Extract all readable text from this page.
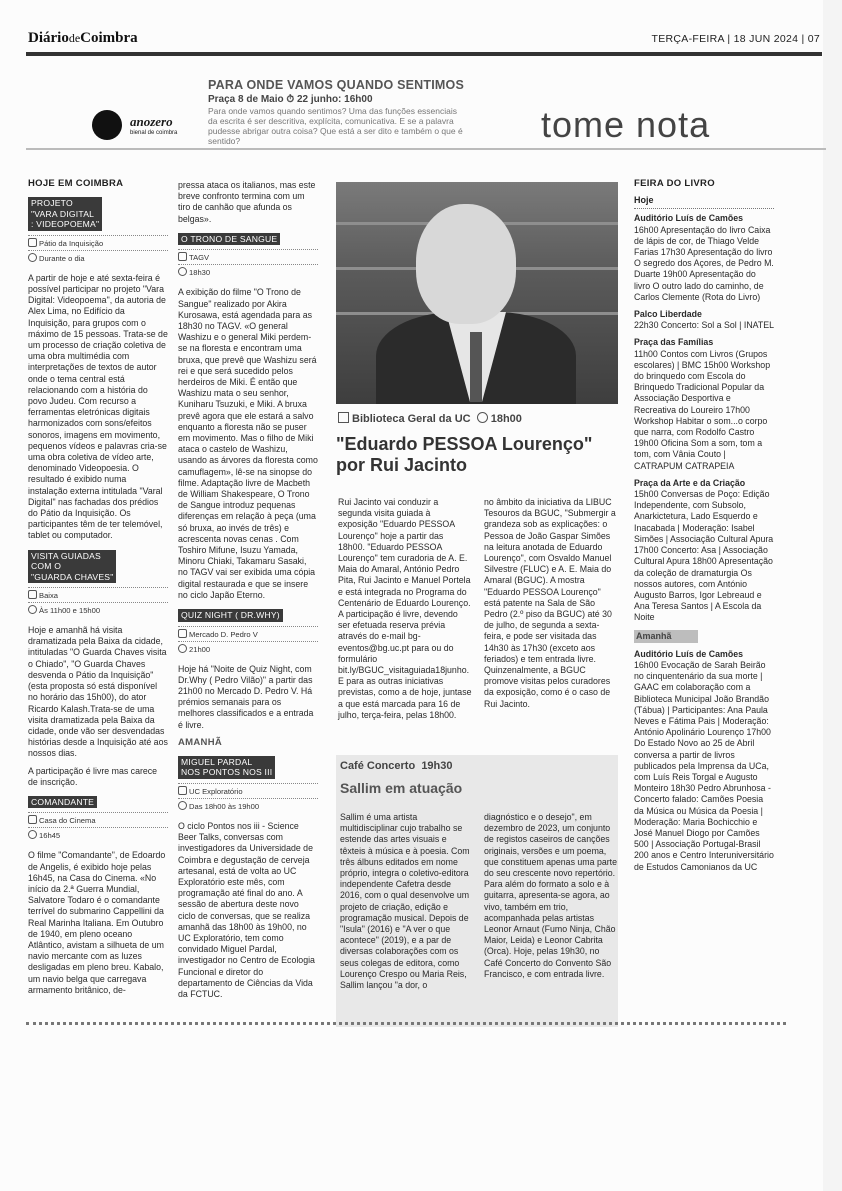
DiáriodeCoimbra	TERÇA-FEIRA | 18 JUN 2024 | 07
anozero
bienal de coimbra
PARA ONDE VAMOS QUANDO SENTIMOS
Praça 8 de Maio ⏱ 22 junho: 16h00
Para onde vamos quando sentimos? Uma das funções essenciais da escrita é ser descritiva, explícita, comunicativa. E se a palavra pudesse abrigar outra coisa? Que está a ser dito e também o que é sentido?	tome nota
HOJE EM COIMBRA
PROJETO
"VARA DIGITAL
: VIDEOPOEMA"
Pátio da Inquisição
Durante o dia

A partir de hoje e até sexta-feira é possível participar no projeto "Vara Digital: Videopoema", da autoria de Alex Lima, no Edifício da Inquisição, para grupos com o máximo de 15 pessoas. Trata-se de um processo de criação coletiva de uma obra multimédia com interpretações de textos de autor onde o tema central está relacionando com a história do povo Judeu. Com recurso a ferramentas eletrónicas digitais harmonizados com sons/efeitos sonoros, imagens em movimento, pequenos vídeos e palavras cria-se uma obra coletiva de vídeo arte, denominado Videopoesia. O resultado é exibido numa instalação externa intitulada "Varal Digital" nas fachadas dos prédios do Pátio da Inquisição. Os participantes têm de ter telemóvel, tablet ou computador.

VISITA GUIADAS
COM O
"GUARDA CHAVES"
Baixa
Às 11h00 e 15h00

Hoje e amanhã há visita dramatizada pela Baixa da cidade, intituladas "O Guarda Chaves visita o Chiado", "O Guarda Chaves desvenda o Pátio da Inquisição" (esta proposta só está disponível no horário das 15h00), do ator Ricardo Kalash.Trata-se de uma visita dramatizada pela Baixa da cidade, onde vão ser desvendadas histórias desde a Inquisição até aos nossos dias.

A participação é livre mas carece de inscrição.

COMANDANTE
Casa do Cinema
16h45

O filme "Comandante", de Edoardo de Angelis, é exibido hoje pelas 16h45, na Casa do Cinema. «No início da 2.ª Guerra Mundial, Salvatore Todaro é o comandante terrível do submarino Cappellini da Real Marinha Italiana. Em Outubro de 1940, em pleno oceano Atlântico, avistam a silhueta de um navio mercante com as luzes desligadas em pleno breu. Kabalo, um navio belga que carregava armamento britânico, de-

pressa ataca os italianos, mas este breve confronto termina com um tiro de canhão que afunda os belgas».

O TRONO DE SANGUE
TAGV
18h30

A exibição do filme "O Trono de Sangue" realizado por Akira Kurosawa, está agendada para as 18h30 no TAGV. «O general Washizu e o general Miki perdem-se na floresta e encontram uma bruxa, que prevê que Washizu será rei e que será sucedido pelos herdeiros de Miki. É então que Washizu mata o seu senhor, Kuniharu Tsuzuki, e Miki. A bruxa prevê agora que ele estará a salvo enquanto a floresta não se puser em movimento. Mas o filho de Miki ataca o castelo de Washizu, usando as árvores da floresta como camuflagem», lê-se na sinopse do filme. Adaptação livre de Macbeth de William Shakespeare, O Trono de Sangue introduz pequenas diferenças em relação à peça (uma só bruxa, ao invés de três) e acrescenta novas cenas . Com Toshiro Mifune, Isuzu Yamada, Minoru Chiaki, Takamaru Sasaki, no TAGV vai ser exibida uma cópia digital restaurada e que se insere no ciclo Japão Eterno.

QUIZ NIGHT ( DR.WHY)
Mercado D. Pedro V
21h00

Hoje há "Noite de Quiz Night, com Dr.Why ( Pedro Vilão)" a partir das 21h00 no Mercado D. Pedro V. Há prémios semanais para os melhores classificados e a entrada é livre.

AMANHÃ
MIGUEL PARDAL
NOS PONTOS NOS III
UC Exploratório
Das 18h00 às 19h00

O ciclo Pontos nos iii - Science Beer Talks, conversas com investigadores da Universidade de Coimbra e degustação de cerveja artesanal, está de volta ao UC Exploratório este mês, com programação até final do ano. A sessão de abertura deste novo ciclo de conversas, que se realiza amanhã das 18h00 às 19h00, no UC Exploratório, tem como convidado Miguel Pardal, investigador no Centro de Ecologia Funcional e diretor do departamento de Ciências da Vida da FCTUC.

Biblioteca Geral da UC 18h00
"Eduardo PESSOA Lourenço" por Rui Jacinto
Rui Jacinto vai conduzir a segunda visita guiada à exposição "Eduardo PESSOA Lourenço" hoje a partir das 18h00. "Eduardo PESSOA Lourenço" tem curadoria de A. E. Maia do Amaral, António Pedro Pita, Rui Jacinto e Manuel Portela e está integrada no Programa do Centenário de Eduardo Lourenço. A participação é livre, devendo ser efetuada reserva prévia através do e-mail bg-eventos@bg.uc.pt para ou do formulário bit.ly/BGUC_visitaguiada18junho. E para as outras iniciativas previstas, como a de hoje, juntase a que está marcada para 16 de julho, terça-feira, pelas 18h00.
no âmbito da iniciativa da LIBUC Tesouros da BGUC, "Submergir a grandeza sob as explicações: o Pessoa de João Gaspar Simões na leitura anotada de Eduardo Lourenço", com Osvaldo Manuel Silvestre (FLUC) e A. E. Maia do Amaral (BGUC). A mostra "Eduardo PESSOA Lourenço" está patente na Sala de São Pedro (2.º piso da BGUC) até 30 de julho, de segunda a sexta-feira, e pode ser visitada das 14h30 às 17h30 (exceto aos feriados) e tem entrada livre. Quinzenalmente, a BGUC promove visitas pelos curadores da exposição, como é o caso de Rui Jacinto.
Café Concerto 19h30
Sallim em atuação
Sallim é uma artista multidisciplinar cujo trabalho se estende das artes visuais e têxteis à música e à poesia. Com três álbuns editados em nome próprio, integra o coletivo-editora independente Cafetra desde 2016, com o qual desenvolve um projeto de criação, edição e programação musical. Depois de "Isula" (2016) e "A ver o que acontece" (2019), e a par de diversas colaborações com os seus colegas de editora, como Lourenço Crespo ou Maria Reis, Sallim lançou "a dor, o
diagnóstico e o desejo", em dezembro de 2023, um conjunto de registos caseiros de canções originais, versões e um poema, que constituem apenas uma parte do seu crescente novo repertório. Para além do formato a solo e à guitarra, apresenta-se agora, ao vivo, também em trio, acompanhada pelas artistas Leonor Arnaut (Fumo Ninja, Chão Maior, Leida) e Leonor Cabrita (Orca). Hoje, pelas 19h30, no Café Concerto do Convento São Francisco, e com entrada livre.
FEIRA DO LIVRO
Hoje
Auditório Luís de Camões

16h00 Apresentação do livro Caixa de lápis de cor, de Thiago Velde Farias 17h30 Apresentação do livro O segredo dos Açores, de Pedro M. Duarte 19h00 Apresentação do livro O outro lado do caminho, de Carlos Clemente (Rota do Livro)

Palco Liberdade

22h30 Concerto: Sol a Sol | INATEL

Praça das Famílias

11h00 Contos com Livros (Grupos escolares) | BMC 15h00 Workshop do brinquedo com Escola do Brinquedo Tradicional Popular da Associação Desportiva e Recreativa do Loureiro 17h00 Workshop Habitar o som...o corpo que narra, com Rodolfo Castro 19h00 Oficina Som a som, tom a tom, com Vânia Couto | CATRAPUM CATRAPEIA

Praça da Arte e da Criação

15h00 Conversas de Poço: Edição Independente, com Subsolo, Anarkictetura, Lado Esquerdo e Inacabada | Moderação: Isabel Simões | Associação Cultural Apura 17h00 Concerto: Asa | Associação Cultural Apura 18h00 Apresentação da coleção de dramaturgia Os nossos autores, com António Augusto Barros, Igor Lebreaud e Ana Teresa Santos | A Escola da Noite

Amanhã
Auditório Luís de Camões

16h00 Evocação de Sarah Beirão no cinquentenário da sua morte | GAAC em colaboração com a Biblioteca Municipal João Brandão (Tábua) | Participantes: Ana Paula Neves e Fátima Pais | Moderação: António Apolinário Lourenço 17h00 Do Estado Novo ao 25 de Abril conversa a partir de livros publicados pela Imprensa da UCa, com Luís Reis Torgal e Augusto Monteiro 18h30 Pedro Abrunhosa - Concerto falado: Camões Poesia da Música ou Música da Poesia | Moderação: Maria Bochicchio e José Manuel Diogo por Camões 500 | Associação Portugal-Brasil 200 anos e Centro Interuniversitário de Estudos Camonianos da UC
